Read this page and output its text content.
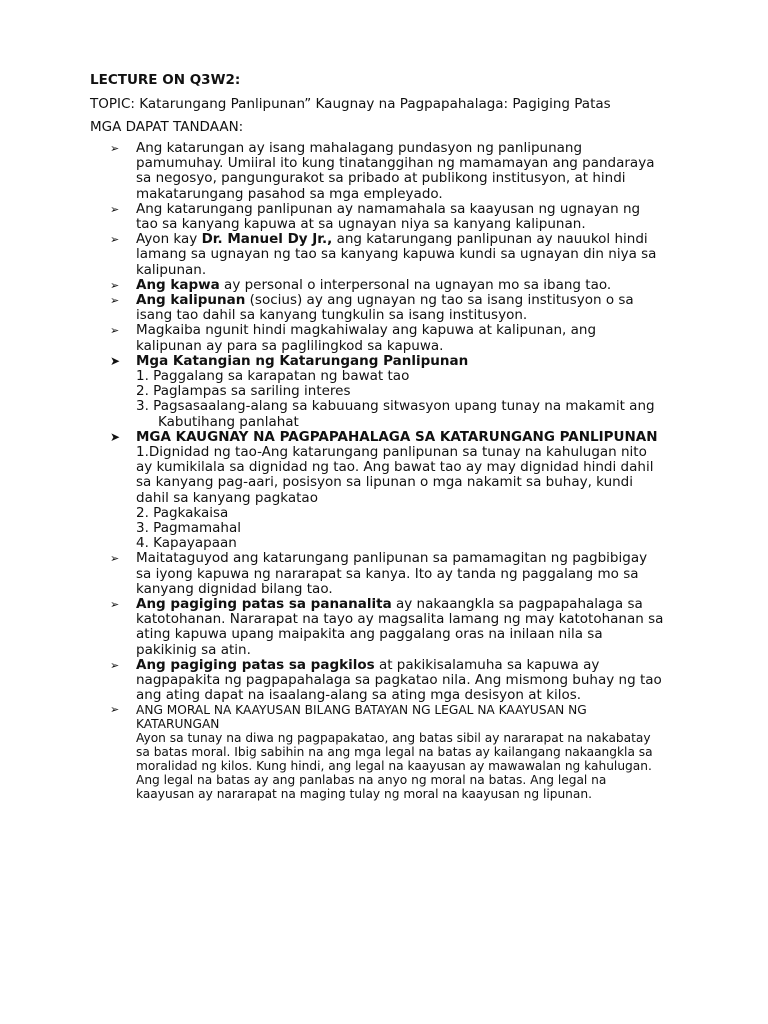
LECTURE ON Q3W2:
TOPIC: Katarungang Panlipunan” Kaugnay na Pagpapahalaga: Pagiging Patas
MGA DAPAT TANDAAN:
➢ Ang katarungan ay isang mahalagang pundasyon ng panlipunang
pamumuhay. Umiiral ito kung tinatanggihan ng mamamayan ang pandaraya
sa negosyo, pangungurakot sa pribado at publikong institusyon, at hindi
makatarungang pasahod sa mga empleyado.
➢ Ang katarungang panlipunan ay namamahala sa kaayusan ng ugnayan ng
tao sa kanyang kapuwa at sa ugnayan niya sa kanyang kalipunan.
➢ Ayon kay Dr. Manuel Dy Jr., ang katarungang panlipunan ay nauukol hindi
lamang sa ugnayan ng tao sa kanyang kapuwa kundi sa ugnayan din niya sa
kalipunan.
➢ Ang kapwa ay personal o interpersonal na ugnayan mo sa ibang tao.
➢ Ang kalipunan (socius) ay ang ugnayan ng tao sa isang institusyon o sa
isang tao dahil sa kanyang tungkulin sa isang institusyon.
➢ Magkaiba ngunit hindi magkahiwalay ang kapuwa at kalipunan, ang
kalipunan ay para sa paglilingkod sa kapuwa.
➤ Mga Katangian ng Katarungang Panlipunan
1. Paggalang sa karapatan ng bawat tao
2. Paglampas sa sariling interes
3. Pagsasaalang-alang sa kabuuang sitwasyon upang tunay na makamit ang
Kabutihang panlahat
➤ MGA KAUGNAY NA PAGPAPAHALAGA SA KATARUNGANG PANLIPUNAN
1.Dignidad ng tao-Ang katarungang panlipunan sa tunay na kahulugan nito
ay kumikilala sa dignidad ng tao. Ang bawat tao ay may dignidad hindi dahil
sa kanyang pag-aari, posisyon sa lipunan o mga nakamit sa buhay, kundi
dahil sa kanyang pagkatao
2. Pagkakaisa
3. Pagmamahal
4. Kapayapaan
➢ Maitataguyod ang katarungang panlipunan sa pamamagitan ng pagbibigay
sa iyong kapuwa ng nararapat sa kanya. Ito ay tanda ng paggalang mo sa
kanyang dignidad bilang tao.
➢ Ang pagiging patas sa pananalita ay nakaangkla sa pagpapahalaga sa
katotohanan. Nararapat na tayo ay magsalita lamang ng may katotohanan sa
ating kapuwa upang maipakita ang paggalang oras na inilaan nila sa
pakikinig sa atin.
➢ Ang pagiging patas sa pagkilos at pakikisalamuha sa kapuwa ay
nagpapakita ng pagpapahalaga sa pagkatao nila. Ang mismong buhay ng tao
ang ating dapat na isaalang-alang sa ating mga desisyon at kilos.
➢ ANG MORAL NA KAAYUSAN BILANG BATAYAN NG LEGAL NA KAAYUSAN NG
KATARUNGAN
Ayon sa tunay na diwa ng pagpapakatao, ang batas sibil ay nararapat na nakabatay
sa batas moral. Ibig sabihin na ang mga legal na batas ay kailangang nakaangkla sa
moralidad ng kilos. Kung hindi, ang legal na kaayusan ay mawawalan ng kahulugan.
Ang legal na batas ay ang panlabas na anyo ng moral na batas. Ang legal na
kaayusan ay nararapat na maging tulay ng moral na kaayusan ng lipunan.
